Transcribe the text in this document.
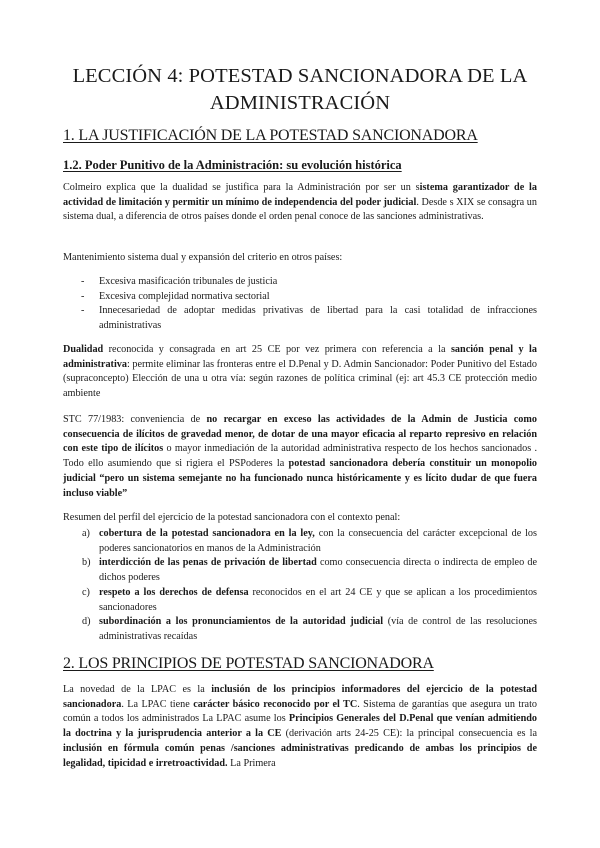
LECCIÓN 4: POTESTAD SANCIONADORA DE LA ADMINISTRACIÓN
1. LA JUSTIFICACIÓN DE LA POTESTAD SANCIONADORA
1.2. Poder Punitivo de la Administración: su evolución histórica
Colmeiro explica que la dualidad se justifica para la Administración por ser un sistema garantizador de la actividad de limitación y permitir un mínimo de independencia del poder judicial. Desde s XIX se consagra un sistema dual, a diferencia de otros países donde el orden penal conoce de las sanciones administrativas.
Mantenimiento sistema dual y expansión del criterio en otros países:
- Excesiva masificación tribunales de justicia
- Excesiva complejidad normativa sectorial
- Innecesariedad de adoptar medidas privativas de libertad para la casi totalidad de infracciones administrativas
Dualidad reconocida y consagrada en art 25 CE por vez primera con referencia a la sanción penal y la administrativa: permite eliminar las fronteras entre el D.Penal y D. Admin Sancionador: Poder Punitivo del Estado (supraconcepto) Elección de una u otra vía: según razones de política criminal (ej: art 45.3 CE protección medio ambiente
STC 77/1983: conveniencia de no recargar en exceso las actividades de la Admin de Justicia como consecuencia de ilícitos de gravedad menor, de dotar de una mayor eficacia al reparto represivo en relación con este tipo de ilícitos o mayor inmediación de la autoridad administrativa respecto de los hechos sancionados . Todo ello asumiendo que si rigiera el PSPoderes la potestad sancionadora debería constituir un monopolio judicial “pero un sistema semejante no ha funcionado nunca históricamente y es lícito dudar de que fuera incluso viable”
Resumen del perfil del ejercicio de la potestad sancionadora con el contexto penal:
a) cobertura de la potestad sancionadora en la ley, con la consecuencia del carácter excepcional de los poderes sancionatorios en manos de la Administración
b) interdicción de las penas de privación de libertad como consecuencia directa o indirecta de empleo de dichos poderes
c) respeto a los derechos de defensa reconocidos en el art 24 CE y que se aplican a los procedimientos sancionadores
d) subordinación a los pronunciamientos de la autoridad judicial (vía de control de las resoluciones administrativas recaídas
2. LOS PRINCIPIOS DE POTESTAD SANCIONADORA
La novedad de la LPAC es la inclusión de los principios informadores del ejercicio de la potestad sancionadora. La LPAC tiene carácter básico reconocido por el TC. Sistema de garantías que asegura un trato común a todos los administrados La LPAC asume los Principios Generales del D.Penal que venían admitiendo la doctrina y la jurisprudencia anterior a la CE (derivación arts 24-25 CE): la principal consecuencia es la inclusión en fórmula común penas /sanciones administrativas predicando de ambas los principios de legalidad, tipicidad e irretroactividad. La Primera
